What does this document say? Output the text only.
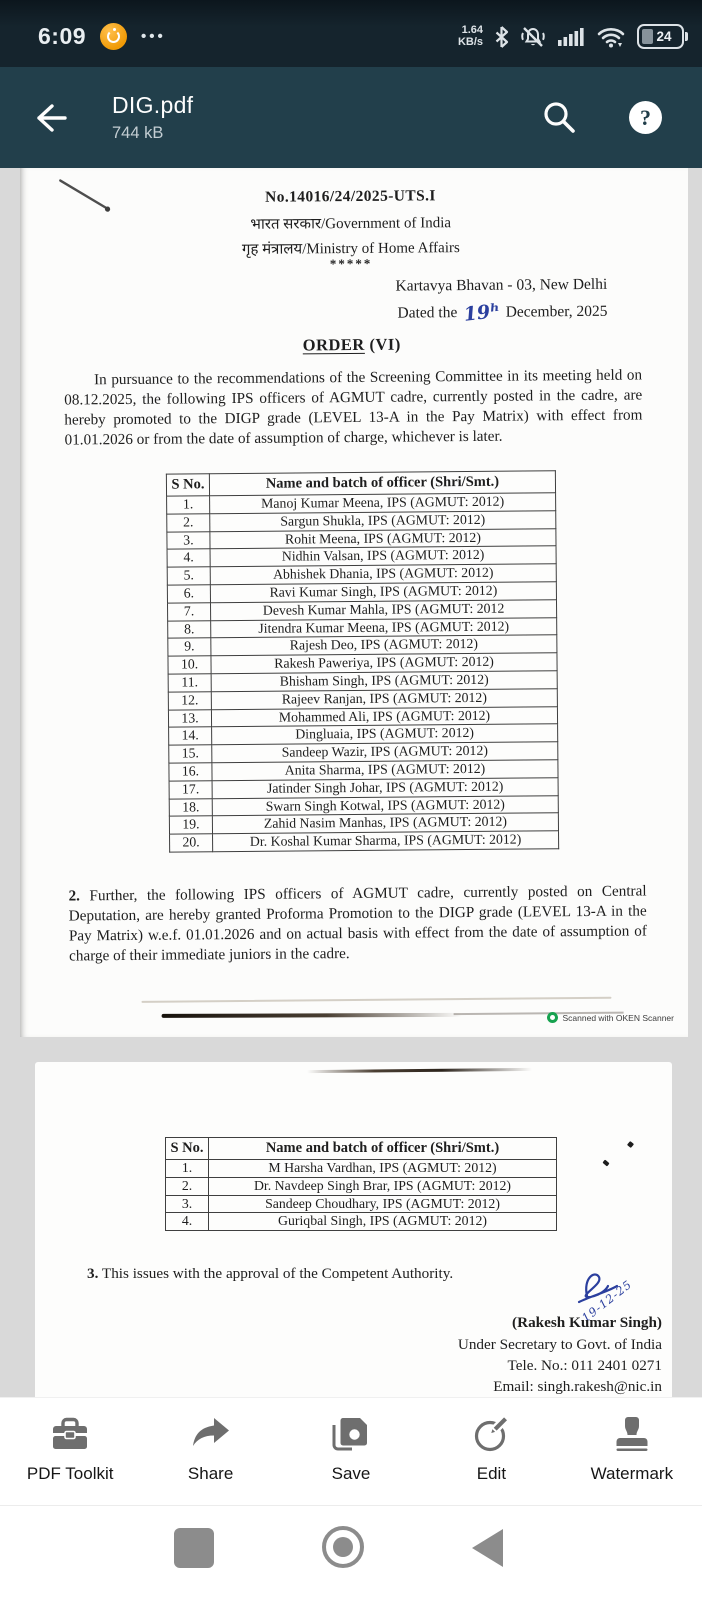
6:09	•••	1.64
KB/s	24
DIG.pdf
744 kB
?
No.14016/24/2025-UTS.I
भारत सरकार/Government of India
गृह मंत्रालय/Ministry of Home Affairs
*****
Kartavya Bhavan - 03, New Delhi
Dated the 19ʰ December, 2025
ORDER (VI)

In pursuance to the recommendations of the Screening Committee in its meeting held on 08.12.2025, the following IPS officers of AGMUT cadre, currently posted in the cadre, are hereby promoted to the DIGP grade (LEVEL 13-A in the Pay Matrix) with effect from 01.01.2026 or from the date of assumption of charge, whichever is later.

S No.	Name and batch of officer (Shri/Smt.)
1.	Manoj Kumar Meena, IPS (AGMUT: 2012)
2.	Sargun Shukla, IPS (AGMUT: 2012)
3.	Rohit Meena, IPS (AGMUT: 2012)
4.	Nidhin Valsan, IPS (AGMUT: 2012)
5.	Abhishek Dhania, IPS (AGMUT: 2012)
6.	Ravi Kumar Singh, IPS (AGMUT: 2012)
7.	Devesh Kumar Mahla, IPS (AGMUT: 2012
8.	Jitendra Kumar Meena, IPS (AGMUT: 2012)
9.	Rajesh Deo, IPS (AGMUT: 2012)
10.	Rakesh Paweriya, IPS (AGMUT: 2012)
11.	Bhisham Singh, IPS (AGMUT: 2012)
12.	Rajeev Ranjan, IPS (AGMUT: 2012)
13.	Mohammed Ali, IPS (AGMUT: 2012)
14.	Dingluaia, IPS (AGMUT: 2012)
15.	Sandeep Wazir, IPS (AGMUT: 2012)
16.	Anita Sharma, IPS (AGMUT: 2012)
17.	Jatinder Singh Johar, IPS (AGMUT: 2012)
18.	Swarn Singh Kotwal, IPS (AGMUT: 2012)
19.	Zahid Nasim Manhas, IPS (AGMUT: 2012)
20.	Dr. Koshal Kumar Sharma, IPS (AGMUT: 2012)

2. Further, the following IPS officers of AGMUT cadre, currently posted on Central Deputation, are hereby granted Proforma Promotion to the DIGP grade (LEVEL 13-A in the Pay Matrix) w.e.f. 01.01.2026 and on actual basis with effect from the date of assumption of charge of their immediate juniors in the cadre.

Scanned with OKEN Scanner
S No.	Name and batch of officer (Shri/Smt.)
1.	M Harsha Vardhan, IPS (AGMUT: 2012)
2.	Dr. Navdeep Singh Brar, IPS (AGMUT: 2012)
3.	Sandeep Choudhary, IPS (AGMUT: 2012)
4.	Guriqbal Singh, IPS (AGMUT: 2012)

3. This issues with the approval of the Competent Authority.

19-12-25
(Rakesh Kumar Singh)
Under Secretary to Govt. of India
Tele. No.: 011 2401 0271
Email: singh.rakesh@nic.in
PDF Toolkit	Share	Save	Edit	Watermark
